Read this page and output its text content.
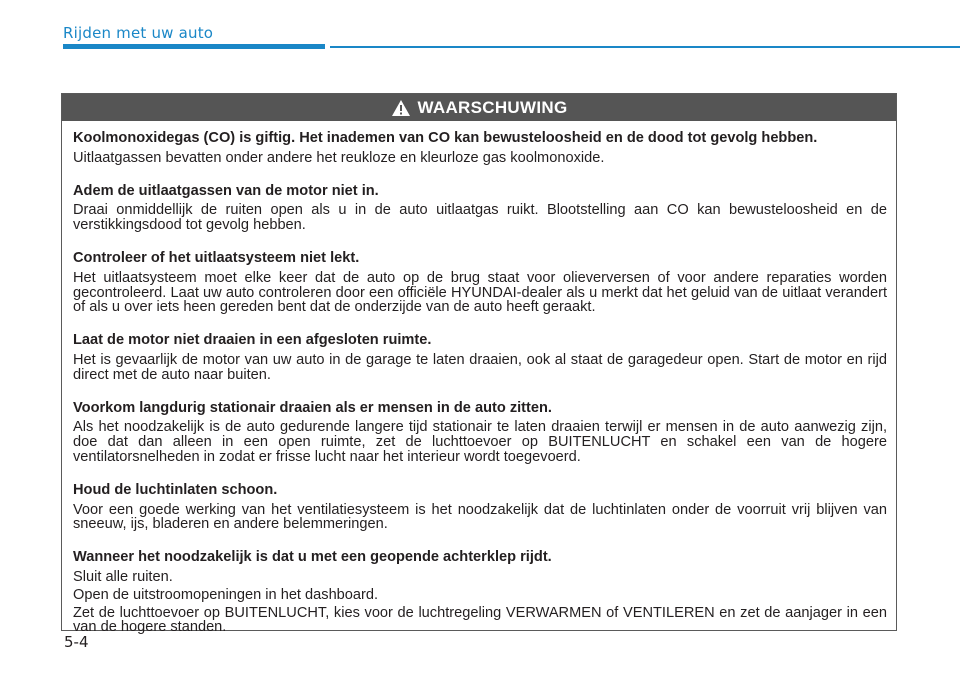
Rijden met uw auto
WAARSCHUWING
Koolmonoxidegas (CO) is giftig. Het inademen van CO kan bewusteloosheid en de dood tot gevolg hebben.

Uitlaatgassen bevatten onder andere het reukloze en kleurloze gas koolmonoxide.

Adem de uitlaatgassen van de motor niet in.

Draai onmiddellijk de ruiten open als u in de auto uitlaatgas ruikt. Blootstelling aan CO kan bewusteloosheid en de verstikkingsdood tot gevolg hebben.

Controleer of het uitlaatsysteem niet lekt.

Het uitlaatsysteem moet elke keer dat de auto op de brug staat voor olieverversen of voor andere reparaties worden gecontroleerd. Laat uw auto controleren door een officiële HYUNDAI-dealer als u merkt dat het geluid van de uitlaat verandert of als u over iets heen gereden bent dat de onderzijde van de auto heeft geraakt.

Laat de motor niet draaien in een afgesloten ruimte.

Het is gevaarlijk de motor van uw auto in de garage te laten draaien, ook al staat de garagedeur open. Start de motor en rijd direct met de auto naar buiten.

Voorkom langdurig stationair draaien als er mensen in de auto zitten.

Als het noodzakelijk is de auto gedurende langere tijd stationair te laten draaien terwijl er mensen in de auto aanwezig zijn, doe dat dan alleen in een open ruimte, zet de luchttoevoer op BUITENLUCHT en schakel een van de hogere ventilatorsnelheden in zodat er frisse lucht naar het interieur wordt toegevoerd.

Houd de luchtinlaten schoon.

Voor een goede werking van het ventilatiesysteem is het noodzakelijk dat de luchtinlaten onder de voorruit vrij blijven van sneeuw, ijs, bladeren en andere belemmeringen.

Wanneer het noodzakelijk is dat u met een geopende achterklep rijdt.

Sluit alle ruiten.

Open de uitstroomopeningen in het dashboard.

Zet de luchttoevoer op BUITENLUCHT, kies voor de luchtregeling VERWARMEN of VENTILEREN en zet de aanjager in een van de hogere standen.

5-4
